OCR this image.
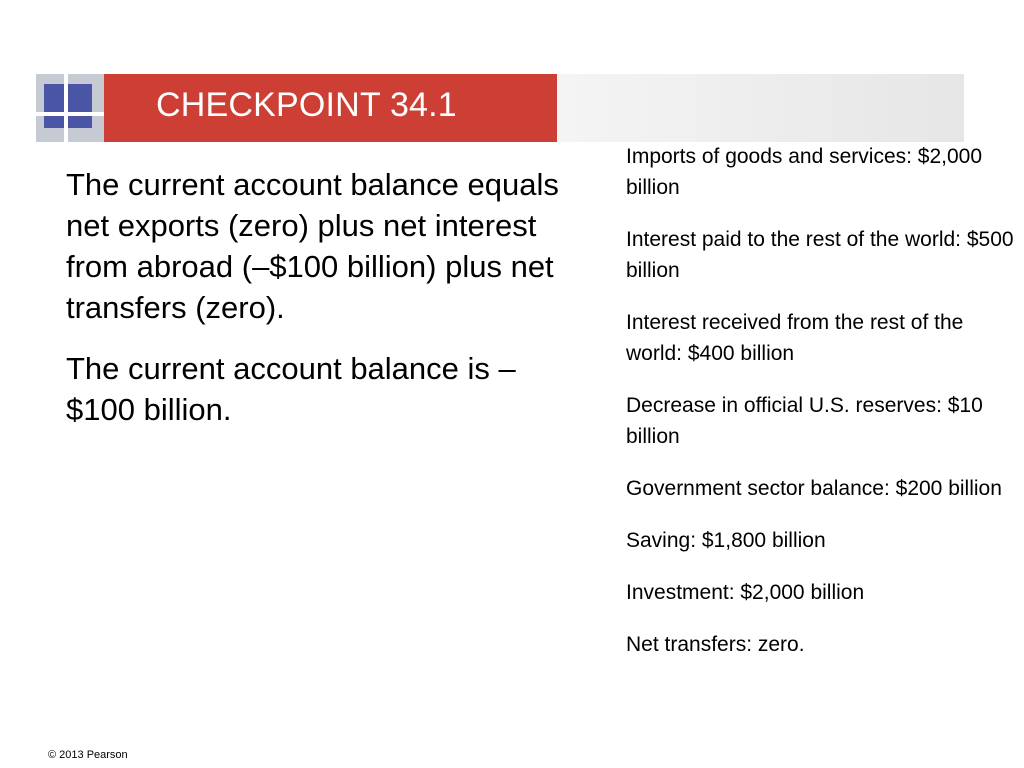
CHECKPOINT 34.1

The current account balance equals net exports (zero) plus net interest from abroad (–$100 billion) plus net transfers (zero).

The current account balance is –$100 billion.

Imports of goods and services: $2,000 billion

Interest paid to the rest of the world: $500 billion

Interest received from the rest of the world: $400 billion

Decrease in official U.S. reserves: $10 billion

Government sector balance: $200 billion

Saving: $1,800 billion

Investment: $2,000 billion

Net transfers: zero.

© 2013 Pearson
